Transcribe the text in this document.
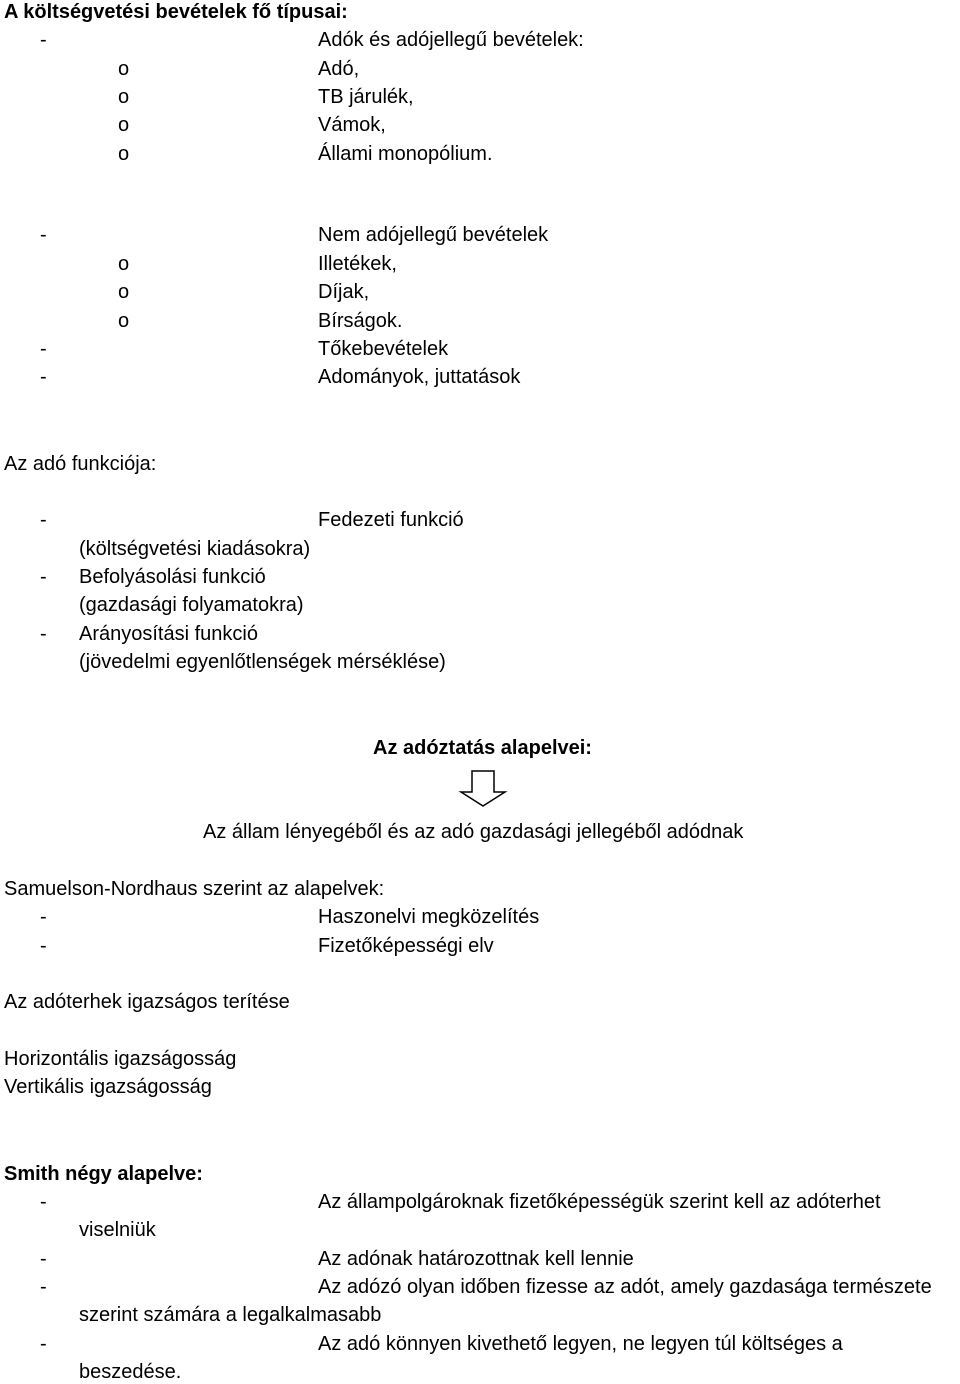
A költségvetési bevételek fő típusai:
-	Adók és adójellegű bevételek:
o	Adó,
o	TB járulék,
o	Vámok,
o	Állami monopólium.
-	Nem adójellegű bevételek
o	Illetékek,
o	Díjak,
o	Bírságok.
-	Tőkebevételek
-	Adományok, juttatások
Az adó funkciója:
-	Fedezeti funkció
(költségvetési kiadásokra)
- Befolyásolási funkció
(gazdasági folyamatokra)
- Arányosítási funkció
(jövedelmi egyenlőtlenségek mérséklése)
Az adóztatás alapelvei:
Az állam lényegéből és az adó gazdasági jellegéből adódnak
Samuelson-Nordhaus szerint az alapelvek:
-	Haszonelvi megközelítés
-	Fizetőképességi elv
Az adóterhek igazságos terítése
Horizontális igazságosság
Vertikális igazságosság
Smith négy alapelve:
-	Az állampolgároknak fizetőképességük szerint kell az adóterhet
viselniük
-	Az adónak határozottnak kell lennie
-	Az adózó olyan időben fizesse az adót, amely gazdasága természete
szerint számára a legalkalmasabb
-	Az adó könnyen kivethető legyen, ne legyen túl költséges a
beszedése.
